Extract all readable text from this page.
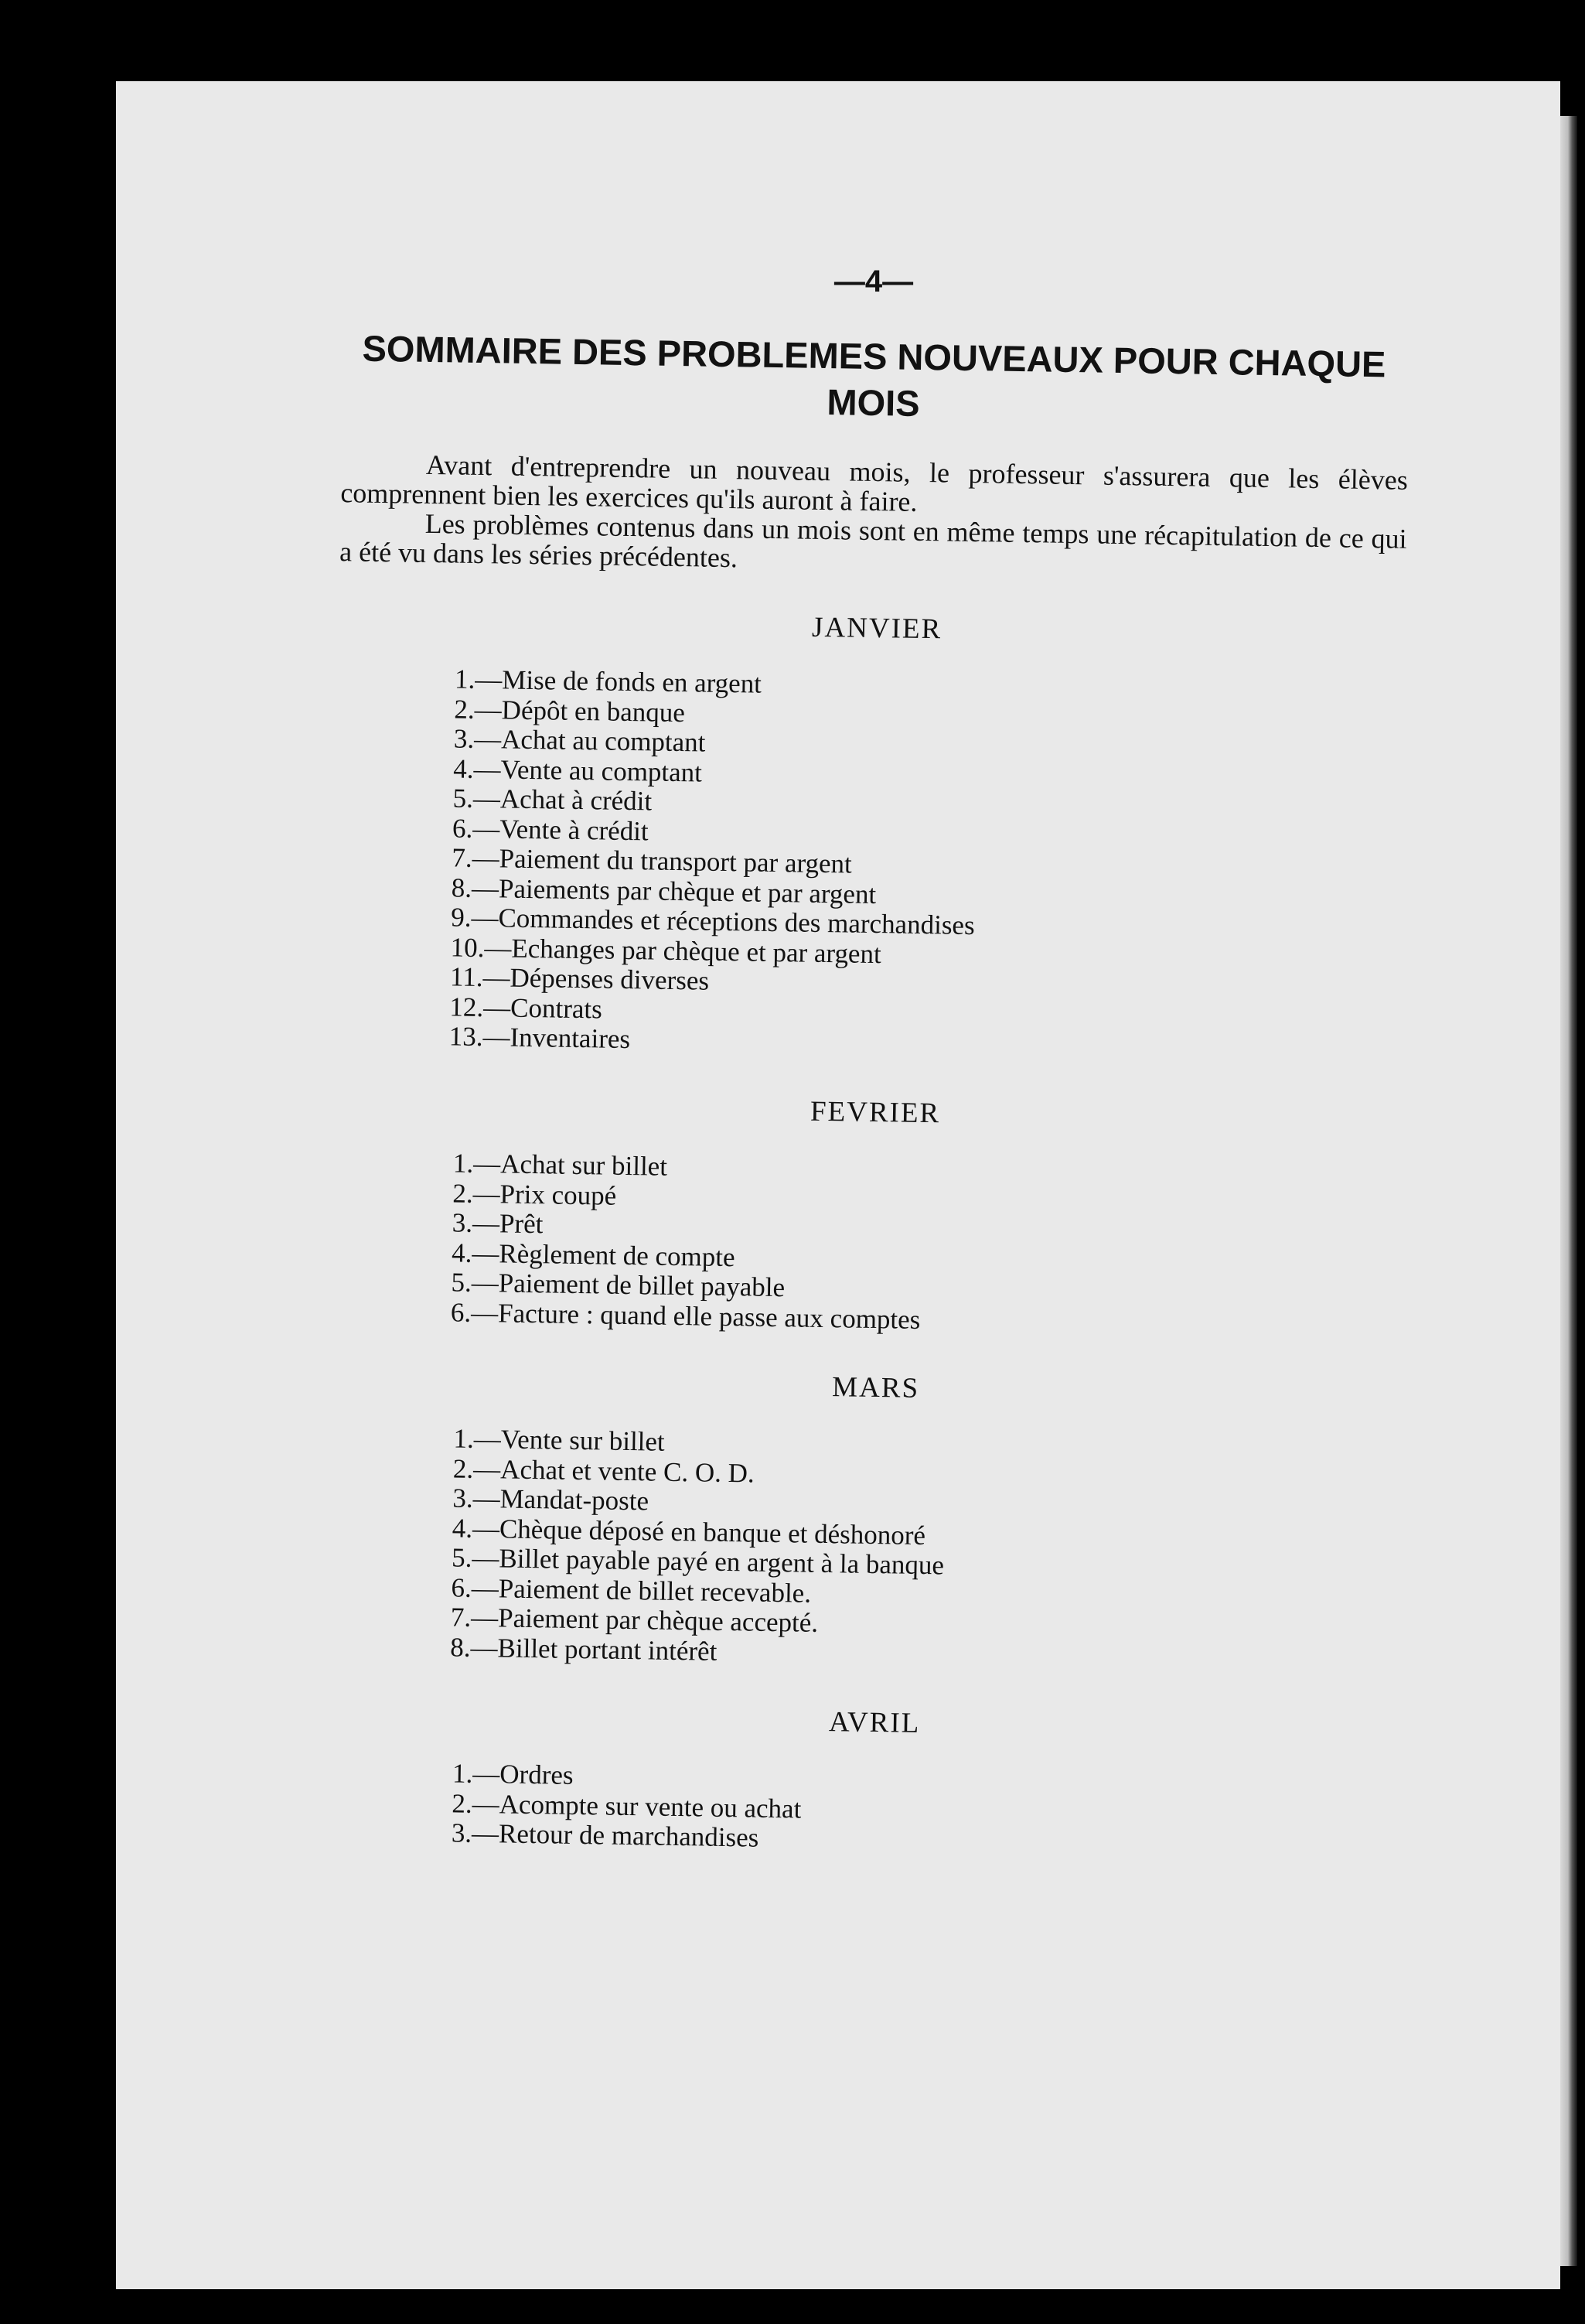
—4—
SOMMAIRE DES PROBLEMES NOUVEAUX POUR CHAQUE MOIS

Avant d'entreprendre un nouveau mois, le professeur s'assurera que les élèves comprennent bien les exercices qu'ils auront à faire.

Les problèmes contenus dans un mois sont en même temps une récapitulation de ce qui a été vu dans les séries précédentes.

JANVIER
1.—Mise de fonds en argent
2.—Dépôt en banque
3.—Achat au comptant
4.—Vente au comptant
5.—Achat à crédit
6.—Vente à crédit
7.—Paiement du transport par argent
8.—Paiements par chèque et par argent
9.—Commandes et réceptions des marchandises
10.—Echanges par chèque et par argent
11.—Dépenses diverses
12.—Contrats
13.—Inventaires
FEVRIER
1.—Achat sur billet
2.—Prix coupé
3.—Prêt
4.—Règlement de compte
5.—Paiement de billet payable
6.—Facture : quand elle passe aux comptes
MARS
1.—Vente sur billet
2.—Achat et vente C. O. D.
3.—Mandat-poste
4.—Chèque déposé en banque et déshonoré
5.—Billet payable payé en argent à la banque
6.—Paiement de billet recevable.
7.—Paiement par chèque accepté.
8.—Billet portant intérêt
AVRIL
1.—Ordres
2.—Acompte sur vente ou achat
3.—Retour de marchandises
